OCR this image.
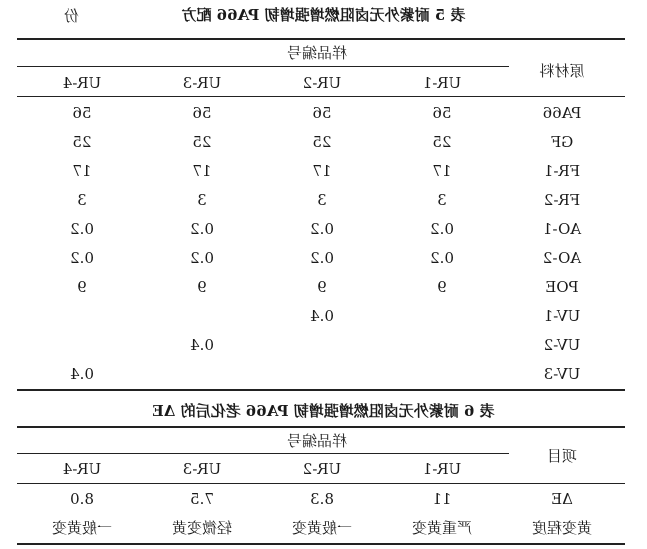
表 5 耐紫外无卤阻燃增强增韧 PA66 配方
份
原材料
样品编号
UR-1
UR-2
UR-3
UR-4
PA66
56
56
56
56
GF
25
25
25
25
FR-1
17
17
17
17
FR-2
3
3
3
3
AO-1
0.2
0.2
0.2
0.2
AO-2
0.2
0.2
0.2
0.2
POE
9
9
9
9
UV-1
0.4
UV-2
0.4
UV-3
0.4
表 6 耐紫外无卤阻燃增强增韧 PA66 老化后的 ΔE
项目
样品编号
UR-1
UR-2
UR-3
UR-4
ΔE
11
8.3
7.5
8.0
黄变程度
严重黄变
一般黄变
轻微变黄
一般黄变
